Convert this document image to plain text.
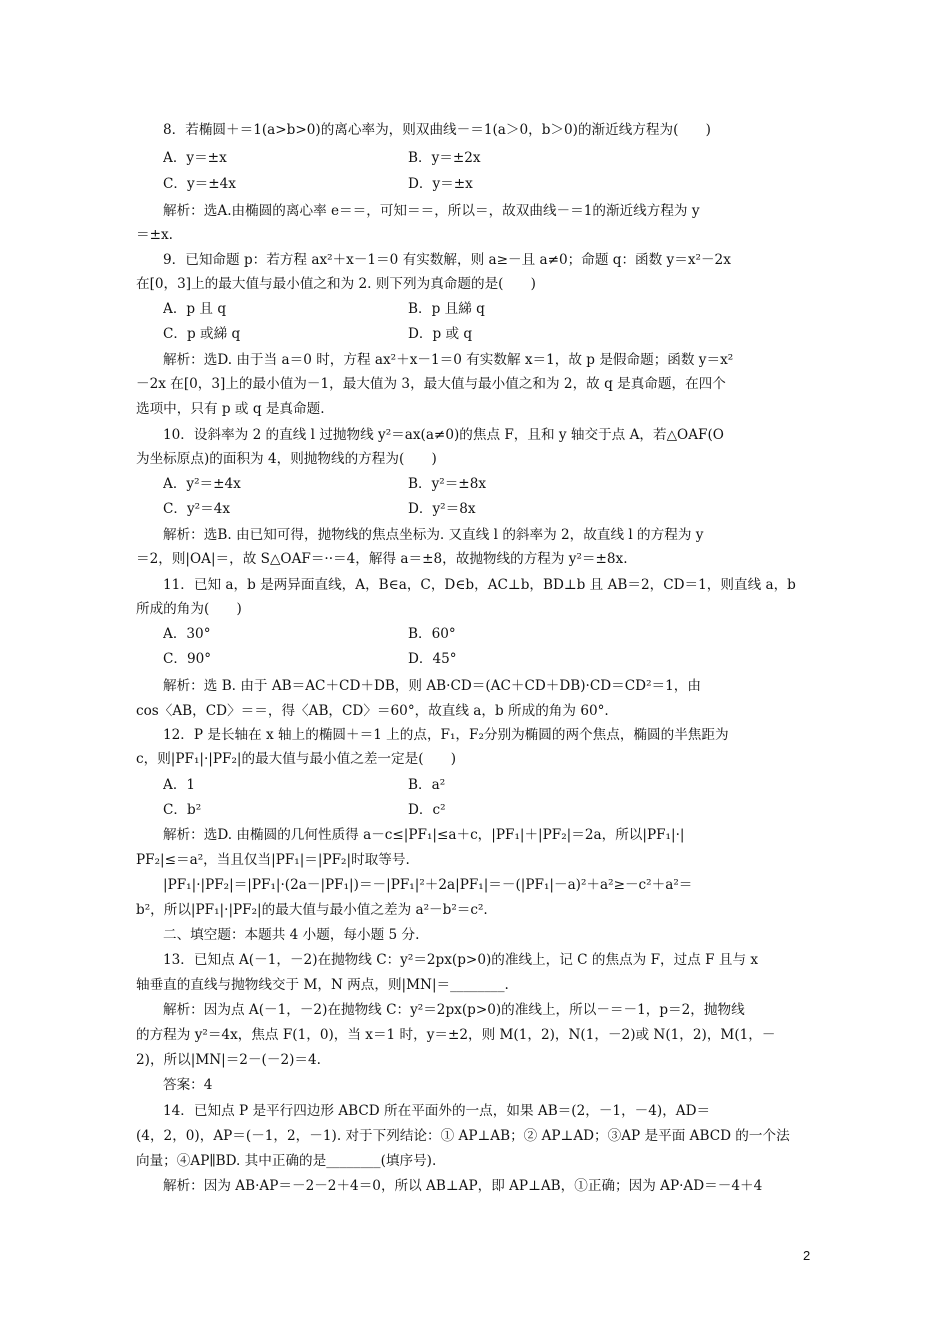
8．若椭圆＋＝1(a>b>0)的离心率为，则双曲线－＝1(a＞0，b＞0)的渐近线方程为(　　)
A．y＝±x	B．y＝±2x
C．y＝±4x	D．y＝±x
解析：选A.由椭圆的离心率 e＝＝，可知＝＝，所以＝，故双曲线－＝1的渐近线方程为 y
＝±x.
9．已知命题 p：若方程 ax²＋x－1＝0 有实数解，则 a≥－且 a≠0；命题 q：函数 y＝x²－2x
在[0，3]上的最大值与最小值之和为 2. 则下列为真命题的是(　　)
A．p 且 q	B．p 且綈 q
C．p 或綈 q	D．p 或 q
解析：选D. 由于当 a＝0 时，方程 ax²＋x－1＝0 有实数解 x＝1，故 p 是假命题；函数 y＝x²
－2x 在[0，3]上的最小值为－1，最大值为 3，最大值与最小值之和为 2，故 q 是真命题，在四个
选项中，只有 p 或 q 是真命题.
10．设斜率为 2 的直线 l 过抛物线 y²＝ax(a≠0)的焦点 F，且和 y 轴交于点 A，若△OAF(O
为坐标原点)的面积为 4，则抛物线的方程为(　　)
A．y²＝±4x	B．y²＝±8x
C．y²＝4x	D．y²＝8x
解析：选B. 由已知可得，抛物线的焦点坐标为. 又直线 l 的斜率为 2，故直线 l 的方程为 y
＝2，则|OA|＝，故 S△OAF＝··＝4，解得 a＝±8，故抛物线的方程为 y²＝±8x.
11．已知 a，b 是两异面直线，A，B∈a，C，D∈b，AC⊥b，BD⊥b 且 AB＝2，CD＝1，则直线 a，b
所成的角为(　　)
A．30°	B．60°
C．90°	D．45°
解析：选 B. 由于 AB＝AC＋CD＋DB，则 AB·CD＝(AC＋CD＋DB)·CD＝CD²＝1，由
cos〈AB，CD〉＝＝，得〈AB，CD〉＝60°，故直线 a，b 所成的角为 60°.
12．P 是长轴在 x 轴上的椭圆＋＝1 上的点，F₁，F₂分别为椭圆的两个焦点，椭圆的半焦距为
c，则|PF₁|·|PF₂|的最大值与最小值之差一定是(　　)
A．1	B．a²
C．b²	D．c²
解析：选D. 由椭圆的几何性质得 a－c≤|PF₁|≤a＋c，|PF₁|＋|PF₂|＝2a，所以|PF₁|·|
PF₂|≤＝a²，当且仅当|PF₁|＝|PF₂|时取等号.
|PF₁|·|PF₂|＝|PF₁|·(2a－|PF₁|)＝－|PF₁|²＋2a|PF₁|＝－(|PF₁|－a)²＋a²≥－c²＋a²＝
b²，所以|PF₁|·|PF₂|的最大值与最小值之差为 a²－b²＝c².
二、填空题：本题共 4 小题，每小题 5 分.
13．已知点 A(－1，－2)在抛物线 C：y²＝2px(p>0)的准线上，记 C 的焦点为 F，过点 F 且与 x
轴垂直的直线与抛物线交于 M，N 两点，则|MN|＝________.
解析：因为点 A(－1，－2)在抛物线 C：y²＝2px(p>0)的准线上，所以－＝－1，p＝2，抛物线
的方程为 y²＝4x，焦点 F(1，0)，当 x＝1 时，y＝±2，则 M(1，2)，N(1，－2)或 N(1，2)，M(1，－
2)，所以|MN|＝2－(－2)＝4.
答案：4
14．已知点 P 是平行四边形 ABCD 所在平面外的一点，如果 AB＝(2，－1，－4)，AD＝
(4，2，0)，AP＝(－1，2，－1). 对于下列结论：① AP⊥AB；② AP⊥AD；③AP 是平面 ABCD 的一个法
向量；④AP∥BD. 其中正确的是________(填序号).
解析：因为 AB·AP＝－2－2＋4＝0，所以 AB⊥AP，即 AP⊥AB，①正确；因为 AP·AD＝－4＋4
2
